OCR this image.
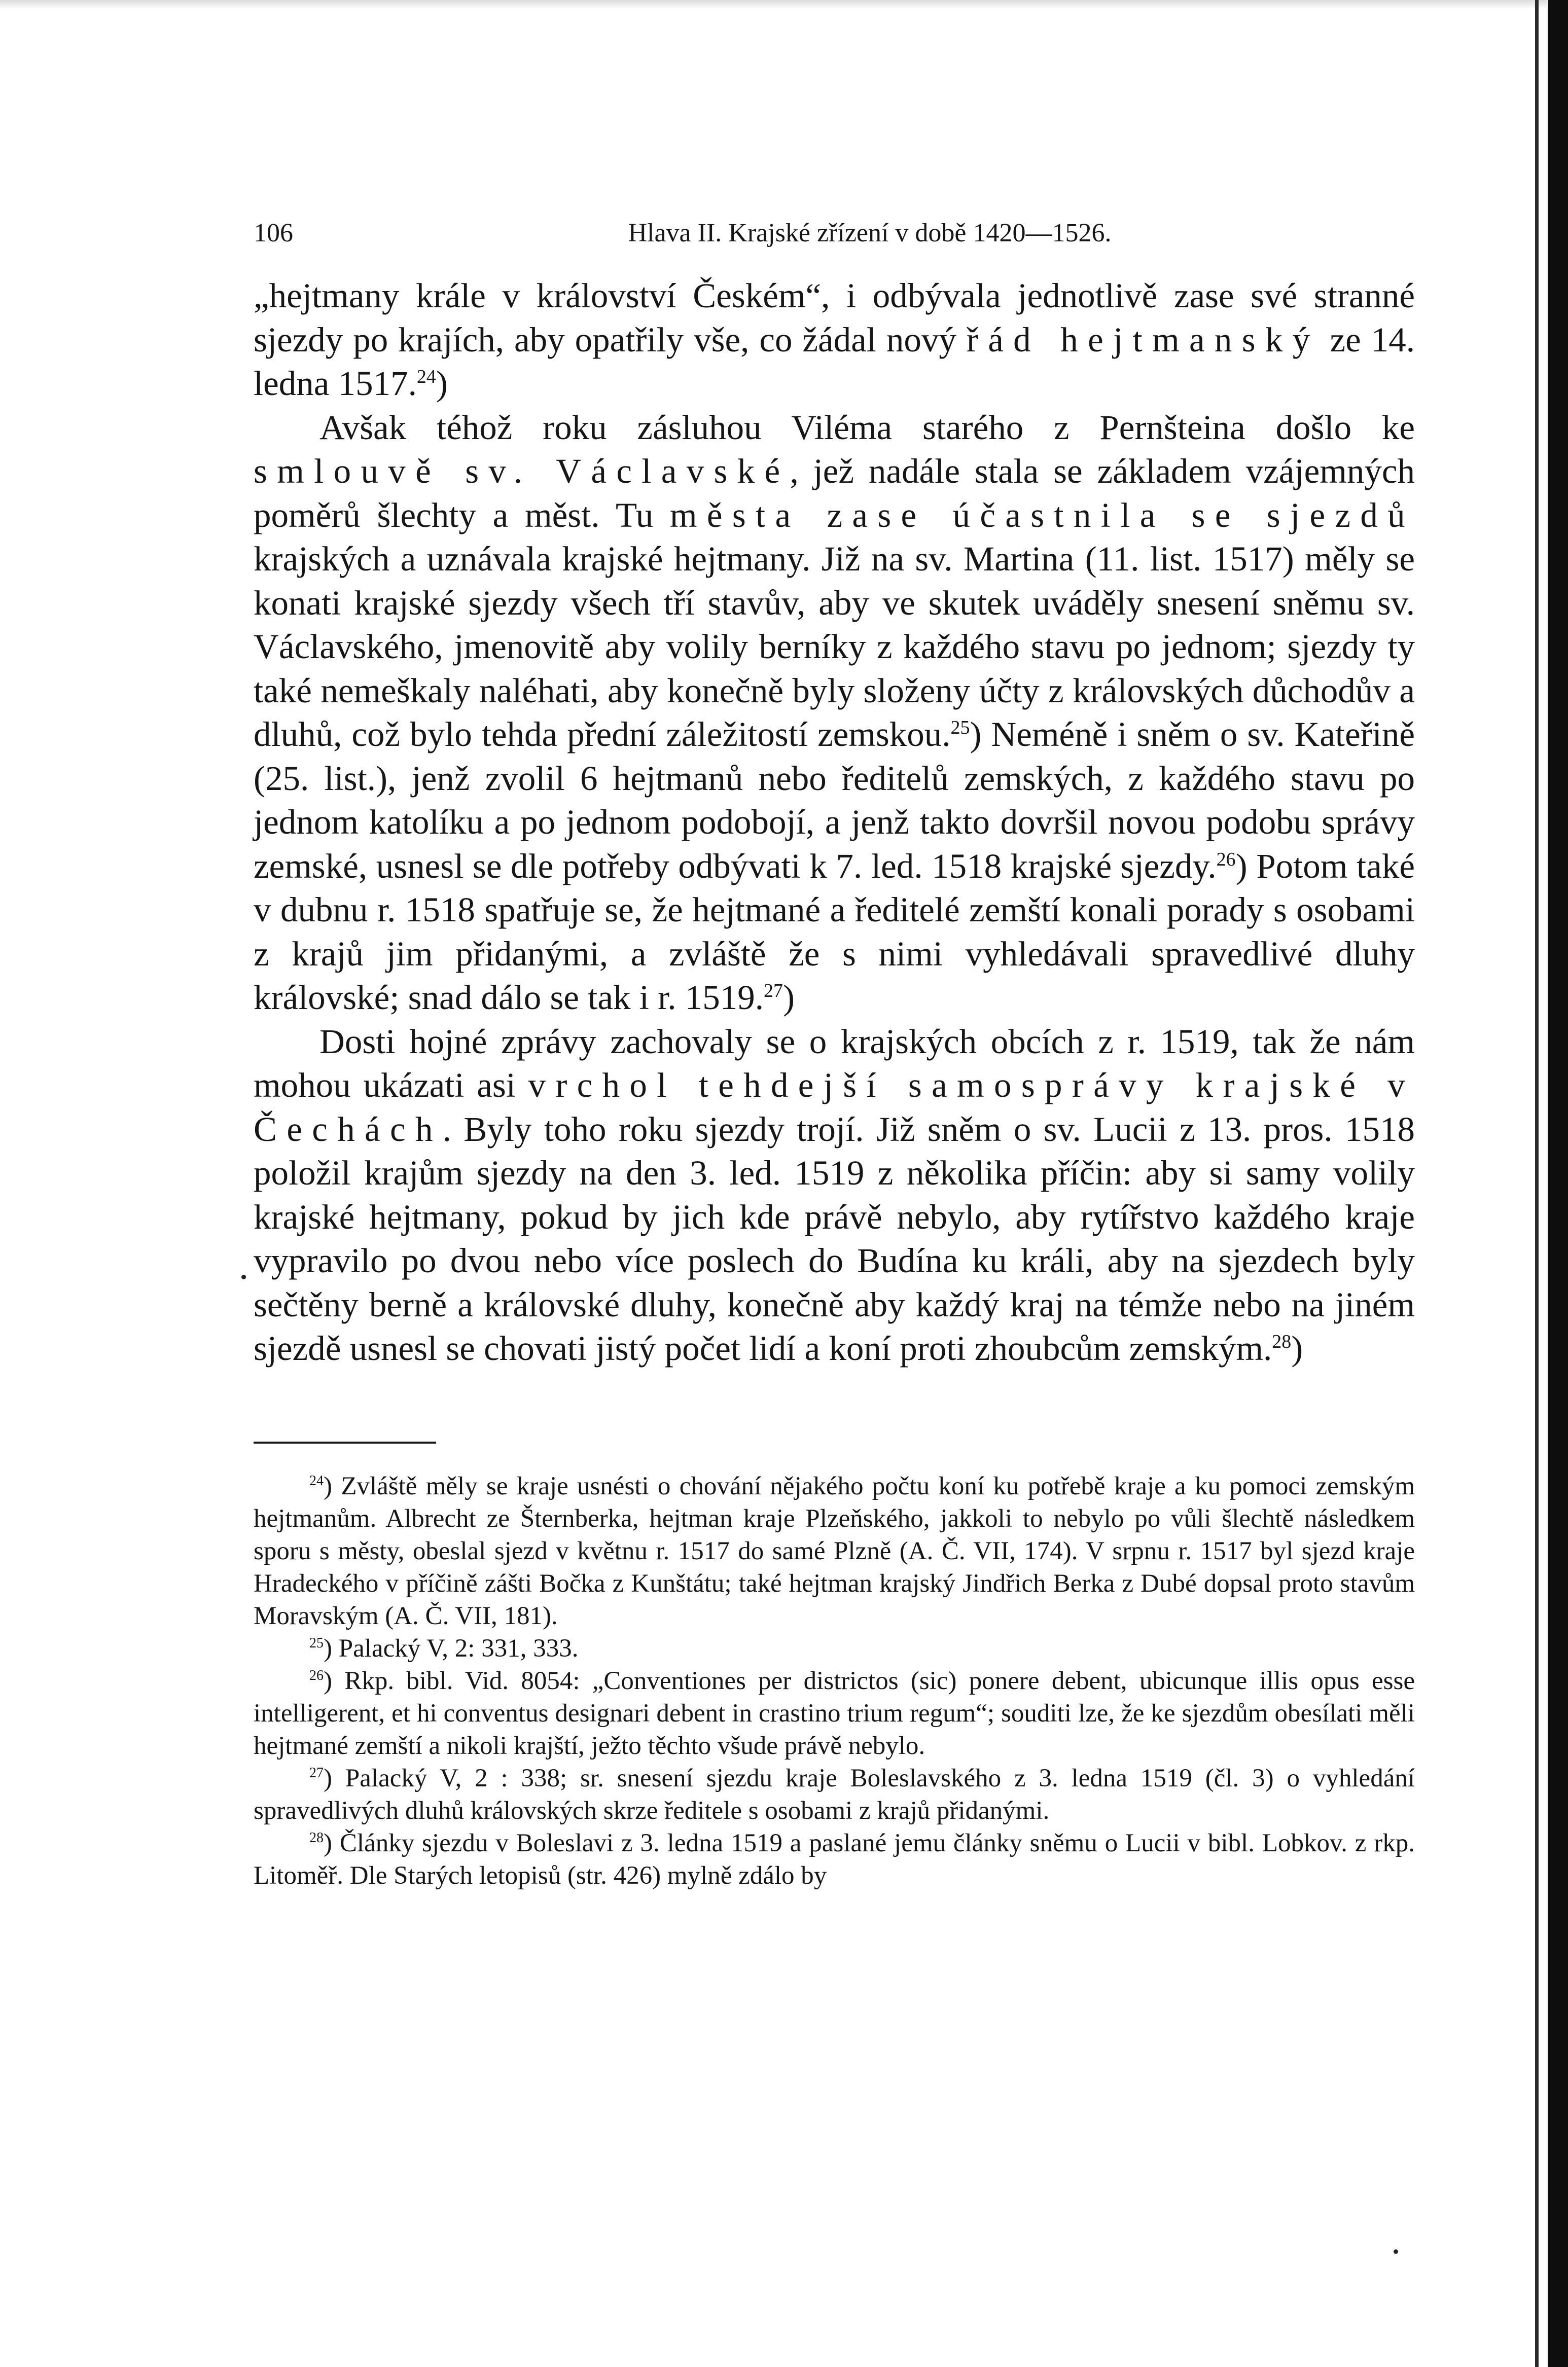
106	Hlava II. Krajské zřízení v době 1420—1526.

„hejtmany krále v království Českém“, i odbývala jednotlivě zase své stranné sjezdy po krajích, aby opatřily vše, co žádal nový řád hejtmanský ze 14. ledna 1517.24)

Avšak téhož roku zásluhou Viléma starého z Pernšteina došlo ke smlouvě sv. Václavské, jež nadále stala se základem vzájemných poměrů šlechty a měst. Tu města zase účastnila se sjezdů krajských a uznávala krajské hejtmany. Již na sv. Martina (11. list. 1517) měly se konati krajské sjezdy všech tří stavův, aby ve skutek uváděly snesení sněmu sv. Václavského, jmenovitě aby volily berníky z každého stavu po jednom; sjezdy ty také nemeškaly naléhati, aby konečně byly složeny účty z královských důchodův a dluhů, což bylo tehda přední záležitostí zemskou.$^{25}$) Neméně i sněm o sv. Kateřině (25. list.), jenž zvolil 6 hejtmanů nebo ředitelů zemských, z každého stavu po jednom katolíku a po jednom podobojí, a jenž takto dovršil novou podobu správy zemské, usnesl se dle potřeby odbývati k 7. led. 1518 krajské sjezdy.$^{26}$) Potom také v dubnu r. 1518 spatřuje se, že hejtmané a ředitelé zemští konali porady s osobami z krajů jim přidanými, a zvláště že s nimi vyhledávali spravedlivé dluhy královské; snad dálo se tak i r. 1519.27)

Dosti hojné zprávy zachovaly se o krajských obcích z r. 1519, tak že nám mohou ukázati asi vrchol tehdejší samosprávy krajské v Čechách. Byly toho roku sjezdy trojí. Již sněm o sv. Lucii z 13. pros. 1518 položil krajům sjezdy na den 3. led. 1519 z několika příčin: aby si samy volily krajské hejtmany, pokud by jich kde právě nebylo, aby rytířstvo každého kraje vypravilo po dvou nebo více poslech do Budína ku králi, aby na sjezdech byly sečtěny berně a královské dluhy, konečně aby každý kraj na témže nebo na jiném sjezdě usnesl se chovati jistý počet lidí a koní proti zhoubcům zemským.$^{28}$)

$^{24}$) Zvláště měly se kraje usnésti o chování nějakého počtu koní ku potřebě kraje a ku pomoci zemským hejtmanům. Albrecht ze Šternberka, hejtman kraje Plzeňského, jakkoli to nebylo po vůli šlechtě následkem sporu s městy, obeslal sjezd v květnu r. 1517 do samé Plzně (A. Č. VII, 174). V srpnu r. 1517 byl sjezd kraje Hradeckého v příčině zášti Bočka z Kunštátu; také hejtman krajský Jindřich Berka z Dubé dopsal proto stavům Moravským (A. Č. VII, 181).

$^{25}$) Palacký V, 2: 331, 333.

$^{26}$) Rkp. bibl. Vid. 8054: „Conventiones per districtos (sic) ponere debent, ubicunque illis opus esse intelligerent, et hi conventus designari debent in crastino trium regum“; souditi lze, že ke sjezdům obesílati měli hejtmané zemští a nikoli krajští, ježto těchto všude právě nebylo.

$^{27}$) Palacký V, 2 : 338; sr. snesení sjezdu kraje Boleslavského z 3. ledna 1519 (čl. 3) o vyhledání spravedlivých dluhů královských skrze ředitele s osobami z krajů přidanými.

$^{28}$) Články sjezdu v Boleslavi z 3. ledna 1519 a paslané jemu články sněmu o Lucii v bibl. Lobkov. z rkp. Litoměř. Dle Starých letopisů (str. 426) mylně zdálo by
